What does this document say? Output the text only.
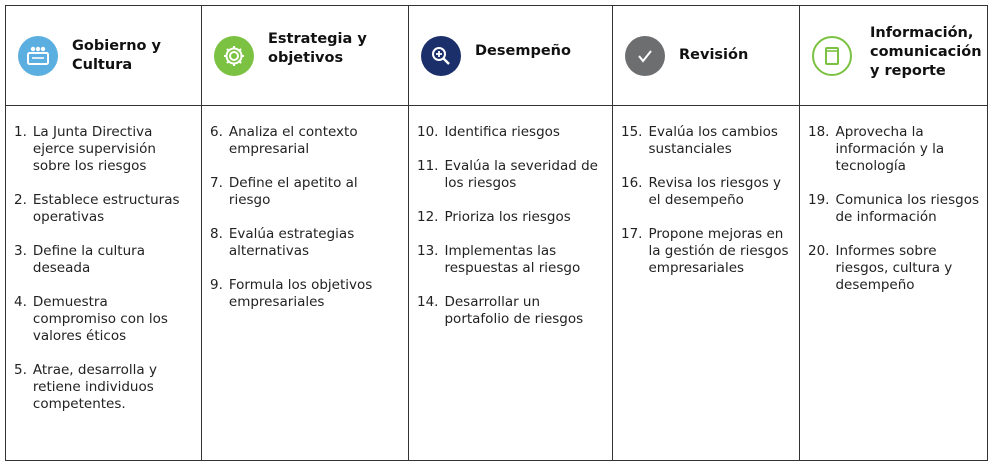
Gobierno y
Cultura
Estrategia y
objetivos	Desempeño	Revisión
Información,
comunicación
y reporte
1. La Junta Directiva ejerce supervisión sobre los riesgos
2. Establece estructuras operativas
3. Define la cultura deseada
4. Demuestra compromiso con los valores éticos
5. Atrae, desarrolla y retiene individuos competentes.
6. Analiza el contexto empresarial
7. Define el apetito al riesgo
8. Evalúa estrategias alternativas
9. Formula los objetivos empresariales
10. Identifica riesgos
11. Evalúa la severidad de los riesgos
12. Prioriza los riesgos
13. Implementas las respuestas al riesgo
14. Desarrollar un portafolio de riesgos
15. Evalúa los cambios sustanciales
16. Revisa los riesgos y el desempeño
17. Propone mejoras en la gestión de riesgos empresariales
18. Aprovecha la información y la tecnología
19. Comunica los riesgos de información
20. Informes sobre riesgos, cultura y desempeño
